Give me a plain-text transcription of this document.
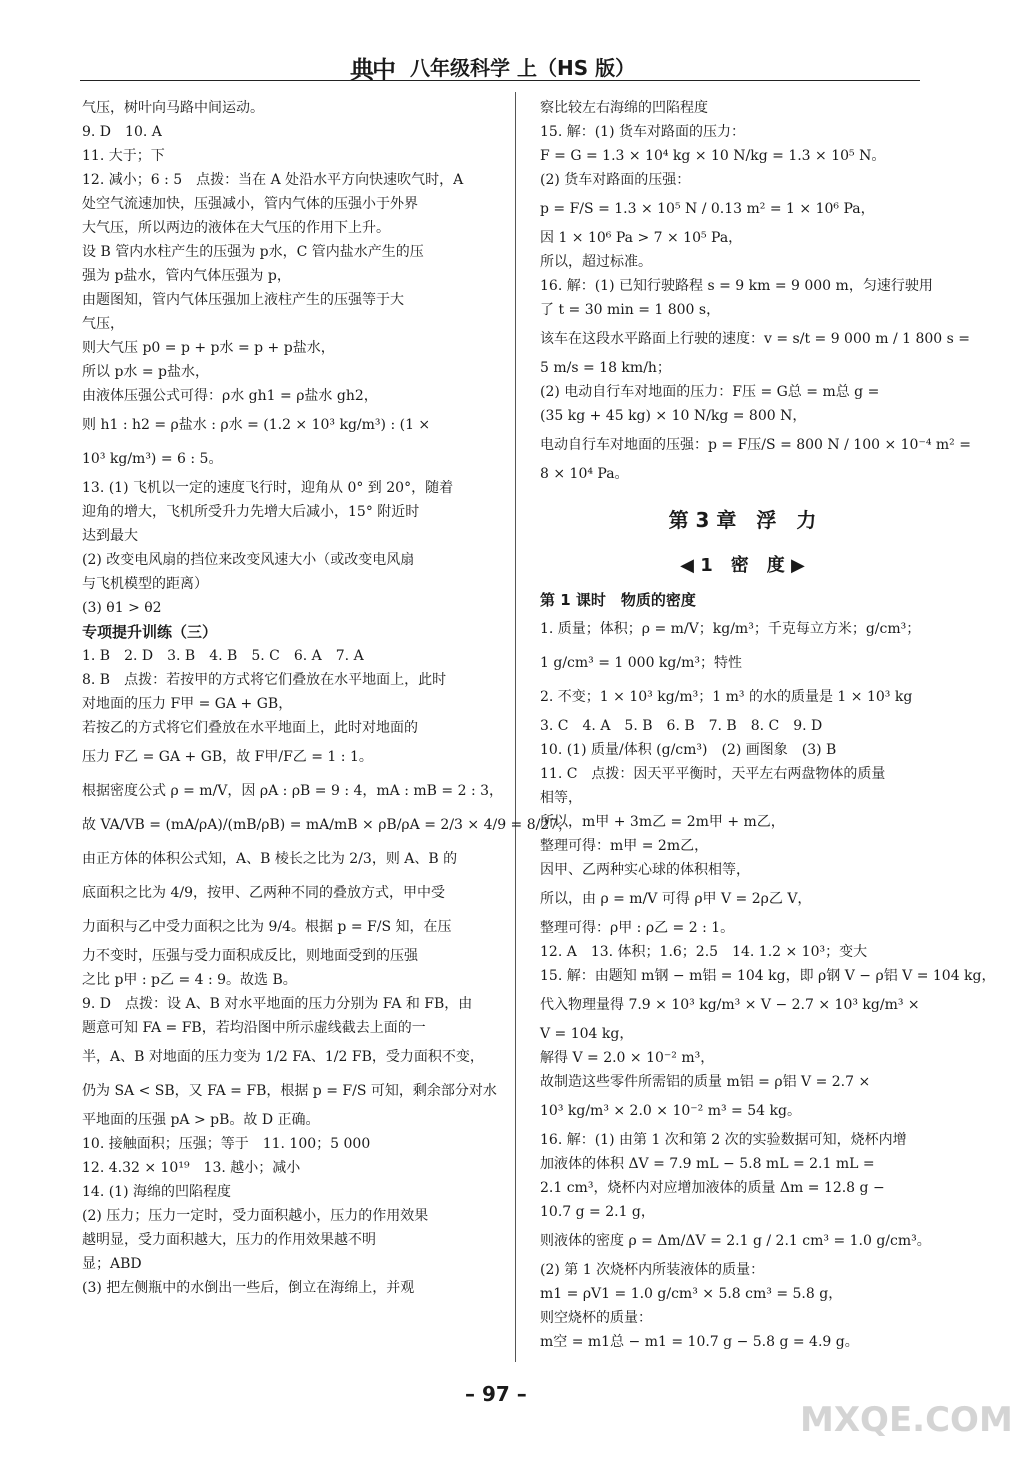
典中 八年级科学 上（HS 版）
气压，树叶向马路中间运动。
9. D　10. A
11. 大于；下
12. 减小；6 : 5　点拨：当在 A 处沿水平方向快速吹气时，A
处空气流速加快，压强减小，管内气体的压强小于外界
大气压，所以两边的液体在大气压的作用下上升。
设 B 管内水柱产生的压强为 p水，C 管内盐水产生的压
强为 p盐水，管内气体压强为 p，
由题图知，管内气体压强加上液柱产生的压强等于大
气压，
则大气压 p0 = p + p水 = p + p盐水，
所以 p水 = p盐水，
由液体压强公式可得：ρ水 gh1 = ρ盐水 gh2，
则 h1 : h2 = ρ盐水 : ρ水 = (1.2 × 10³ kg/m³) : (1 ×
10³ kg/m³) = 6 : 5。
13. (1) 飞机以一定的速度飞行时，迎角从 0° 到 20°，随着
迎角的增大，飞机所受升力先增大后减小，15° 附近时
达到最大
(2) 改变电风扇的挡位来改变风速大小（或改变电风扇
与飞机模型的距离）
(3) θ1 > θ2
专项提升训练（三）
1. B　2. D　3. B　4. B　5. C　6. A　7. A
8. B　点拨：若按甲的方式将它们叠放在水平地面上，此时
对地面的压力 F甲 = GA + GB，
若按乙的方式将它们叠放在水平地面上，此时对地面的
压力 F乙 = GA + GB，故 F甲/F乙 = 1 : 1。
根据密度公式 ρ = m/V，因 ρA : ρB = 9 : 4，mA : mB = 2 : 3，
故 VA/VB = (mA/ρA)/(mB/ρB) = mA/mB × ρB/ρA = 2/3 × 4/9 = 8/27，
由正方体的体积公式知，A、B 棱长之比为 2/3，则 A、B 的
底面积之比为 4/9，按甲、乙两种不同的叠放方式，甲中受
力面积与乙中受力面积之比为 9/4。根据 p = F/S 知，在压
力不变时，压强与受力面积成反比，则地面受到的压强
之比 p甲 : p乙 = 4 : 9。故选 B。
9. D　点拨：设 A、B 对水平地面的压力分别为 FA 和 FB，由
题意可知 FA = FB，若均沿图中所示虚线截去上面的一
半，A、B 对地面的压力变为 1/2 FA、1/2 FB，受力面积不变，
仍为 SA < SB，又 FA = FB，根据 p = F/S 可知，剩余部分对水
平地面的压强 pA > pB。故 D 正确。
10. 接触面积；压强；等于　11. 100；5 000
12. 4.32 × 10¹⁹　13. 越小；减小
14. (1) 海绵的凹陷程度
(2) 压力；压力一定时，受力面积越小，压力的作用效果
越明显，受力面积越大，压力的作用效果越不明
显；ABD
(3) 把左侧瓶中的水倒出一些后，倒立在海绵上，并观
察比较左右海绵的凹陷程度
15. 解：(1) 货车对路面的压力：
F = G = 1.3 × 10⁴ kg × 10 N/kg = 1.3 × 10⁵ N。
(2) 货车对路面的压强：
p = F/S = 1.3 × 10⁵ N / 0.13 m² = 1 × 10⁶ Pa，
因 1 × 10⁶ Pa > 7 × 10⁵ Pa，
所以，超过标准。
16. 解：(1) 已知行驶路程 s = 9 km = 9 000 m，匀速行驶用
了 t = 30 min = 1 800 s，
该车在这段水平路面上行驶的速度：v = s/t = 9 000 m / 1 800 s =
5 m/s = 18 km/h；
(2) 电动自行车对地面的压力：F压 = G总 = m总 g =
(35 kg + 45 kg) × 10 N/kg = 800 N，
电动自行车对地面的压强：p = F压/S = 800 N / 100 × 10⁻⁴ m² =
8 × 10⁴ Pa。
第 3 章　浮　力
◀ 1　密　度 ▶
第 1 课时　物质的密度
1. 质量；体积；ρ = m/V；kg/m³；千克每立方米；g/cm³；
1 g/cm³ = 1 000 kg/m³；特性
2. 不变；1 × 10³ kg/m³；1 m³ 的水的质量是 1 × 10³ kg
3. C　4. A　5. B　6. B　7. B　8. C　9. D
10. (1) 质量/体积 (g/cm³)　(2) 画图象　(3) B
11. C　点拨：因天平平衡时，天平左右两盘物体的质量
相等，
所以，m甲 + 3m乙 = 2m甲 + m乙，
整理可得：m甲 = 2m乙，
因甲、乙两种实心球的体积相等，
所以，由 ρ = m/V 可得 ρ甲 V = 2ρ乙 V，
整理可得：ρ甲 : ρ乙 = 2 : 1。
12. A　13. 体积；1.6；2.5　14. 1.2 × 10³；变大
15. 解：由题知 m钢 − m铝 = 104 kg，即 ρ钢 V − ρ铝 V = 104 kg，
代入物理量得 7.9 × 10³ kg/m³ × V − 2.7 × 10³ kg/m³ ×
V = 104 kg，
解得 V = 2.0 × 10⁻² m³，
故制造这些零件所需铝的质量 m铝 = ρ铝 V = 2.7 ×
10³ kg/m³ × 2.0 × 10⁻² m³ = 54 kg。
16. 解：(1) 由第 1 次和第 2 次的实验数据可知，烧杯内增
加液体的体积 ΔV = 7.9 mL − 5.8 mL = 2.1 mL =
2.1 cm³，烧杯内对应增加液体的质量 Δm = 12.8 g −
10.7 g = 2.1 g，
则液体的密度 ρ = Δm/ΔV = 2.1 g / 2.1 cm³ = 1.0 g/cm³。
(2) 第 1 次烧杯内所装液体的质量：
m1 = ρV1 = 1.0 g/cm³ × 5.8 cm³ = 5.8 g，
则空烧杯的质量：
m空 = m1总 − m1 = 10.7 g − 5.8 g = 4.9 g。
– 97 –
MXQE.COM
